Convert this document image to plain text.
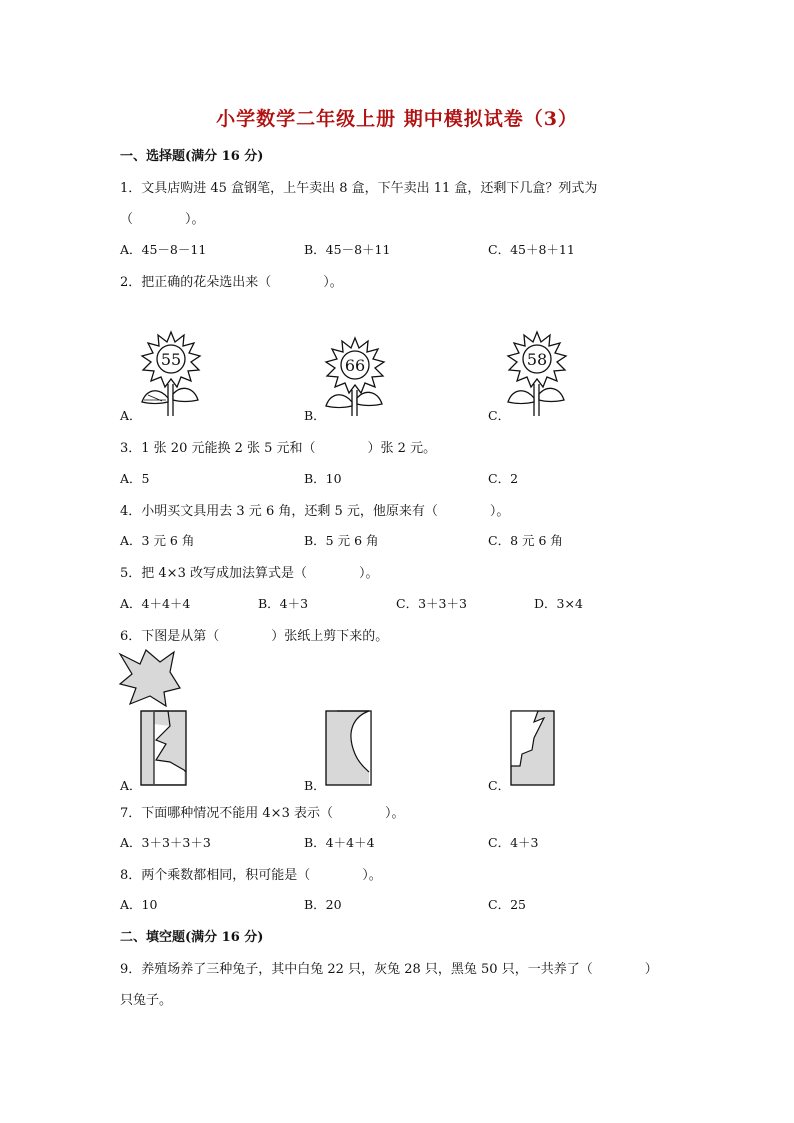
小学数学二年级上册 期中模拟试卷（3）
一、选择题(满分 16 分)
1．文具店购进 45 盒钢笔，上午卖出 8 盒，下午卖出 11 盒，还剩下几盒？列式为
（　　　　）。
A．45－8－11	B．45－8＋11	C．45＋8＋11
2．把正确的花朵选出来（　　　　）。
55	66	58
A．	B．	C．
3．1 张 20 元能换 2 张 5 元和（　　　　）张 2 元。
A．5	B．10	C．2
4．小明买文具用去 3 元 6 角，还剩 5 元，他原来有（　　　　）。
A．3 元 6 角	B．5 元 6 角	C．8 元 6 角
5．把 4×3 改写成加法算式是（　　　　）。
A．4＋4＋4	B．4＋3	C．3＋3＋3	D．3×4
6．下图是从第（　　　　）张纸上剪下来的。
A．	B．	C．
7．下面哪种情况不能用 4×3 表示（　　　　）。
A．3＋3＋3＋3	B．4＋4＋4	C．4＋3
8．两个乘数都相同，积可能是（　　　　）。
A．10	B．20	C．25
二、填空题(满分 16 分)
9．养殖场养了三种兔子，其中白兔 22 只，灰兔 28 只，黑兔 50 只，一共养了（　　　　）
只兔子。
